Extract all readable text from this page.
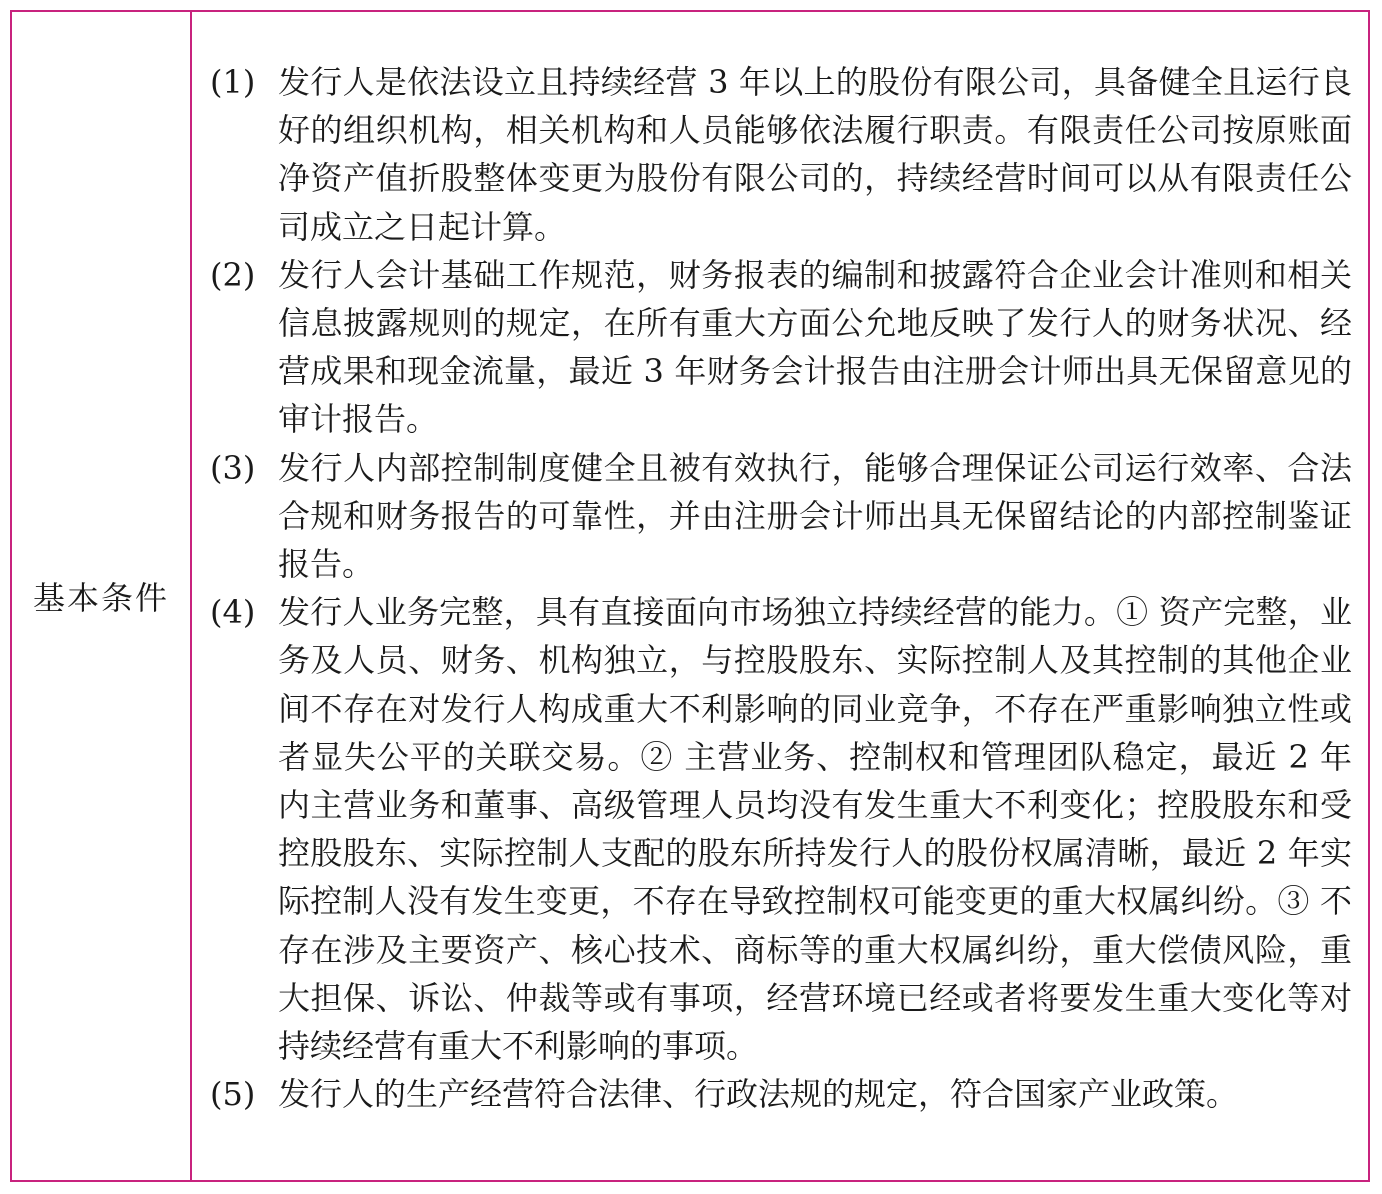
基本条件
(1) 发行人是依法设立且持续经营 3 年以上的股份有限公司，具备健全且运行良好的组织机构，相关机构和人员能够依法履行职责。有限责任公司按原账面净资产值折股整体变更为股份有限公司的，持续经营时间可以从有限责任公司成立之日起计算。
(2) 发行人会计基础工作规范，财务报表的编制和披露符合企业会计准则和相关信息披露规则的规定，在所有重大方面公允地反映了发行人的财务状况、经营成果和现金流量，最近 3 年财务会计报告由注册会计师出具无保留意见的审计报告。
(3) 发行人内部控制制度健全且被有效执行，能够合理保证公司运行效率、合法合规和财务报告的可靠性，并由注册会计师出具无保留结论的内部控制鉴证报告。
(4) 发行人业务完整，具有直接面向市场独立持续经营的能力。① 资产完整，业务及人员、财务、机构独立，与控股股东、实际控制人及其控制的其他企业间不存在对发行人构成重大不利影响的同业竞争，不存在严重影响独立性或者显失公平的关联交易。② 主营业务、控制权和管理团队稳定，最近 2 年内主营业务和董事、高级管理人员均没有发生重大不利变化；控股股东和受控股股东、实际控制人支配的股东所持发行人的股份权属清晰，最近 2 年实际控制人没有发生变更，不存在导致控制权可能变更的重大权属纠纷。③ 不存在涉及主要资产、核心技术、商标等的重大权属纠纷，重大偿债风险，重大担保、诉讼、仲裁等或有事项，经营环境已经或者将要发生重大变化等对持续经营有重大不利影响的事项。
(5) 发行人的生产经营符合法律、行政法规的规定，符合国家产业政策。
